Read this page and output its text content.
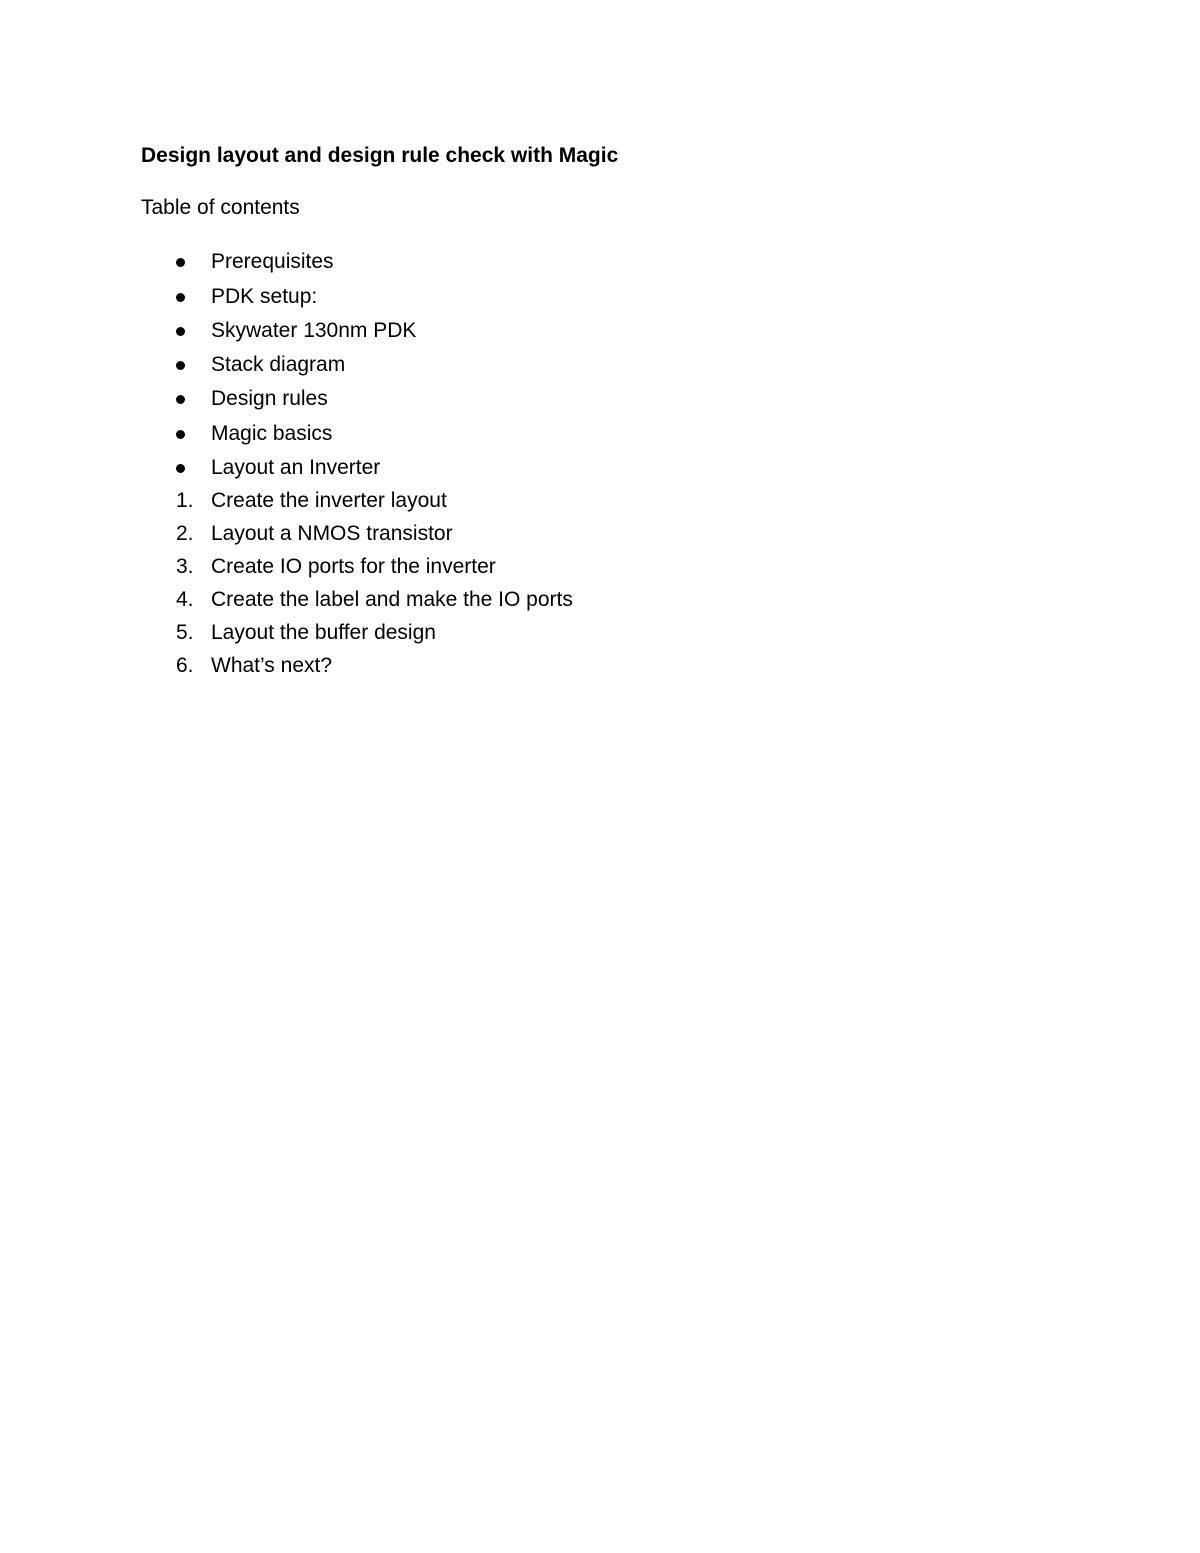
Design layout and design rule check with Magic
Table of contents
Prerequisites
PDK setup:
Skywater 130nm PDK
Stack diagram
Design rules
Magic basics
Layout an Inverter
1. Create the inverter layout
2. Layout a NMOS transistor
3. Create IO ports for the inverter
4. Create the label and make the IO ports
5. Layout the buffer design
6. What’s next?
